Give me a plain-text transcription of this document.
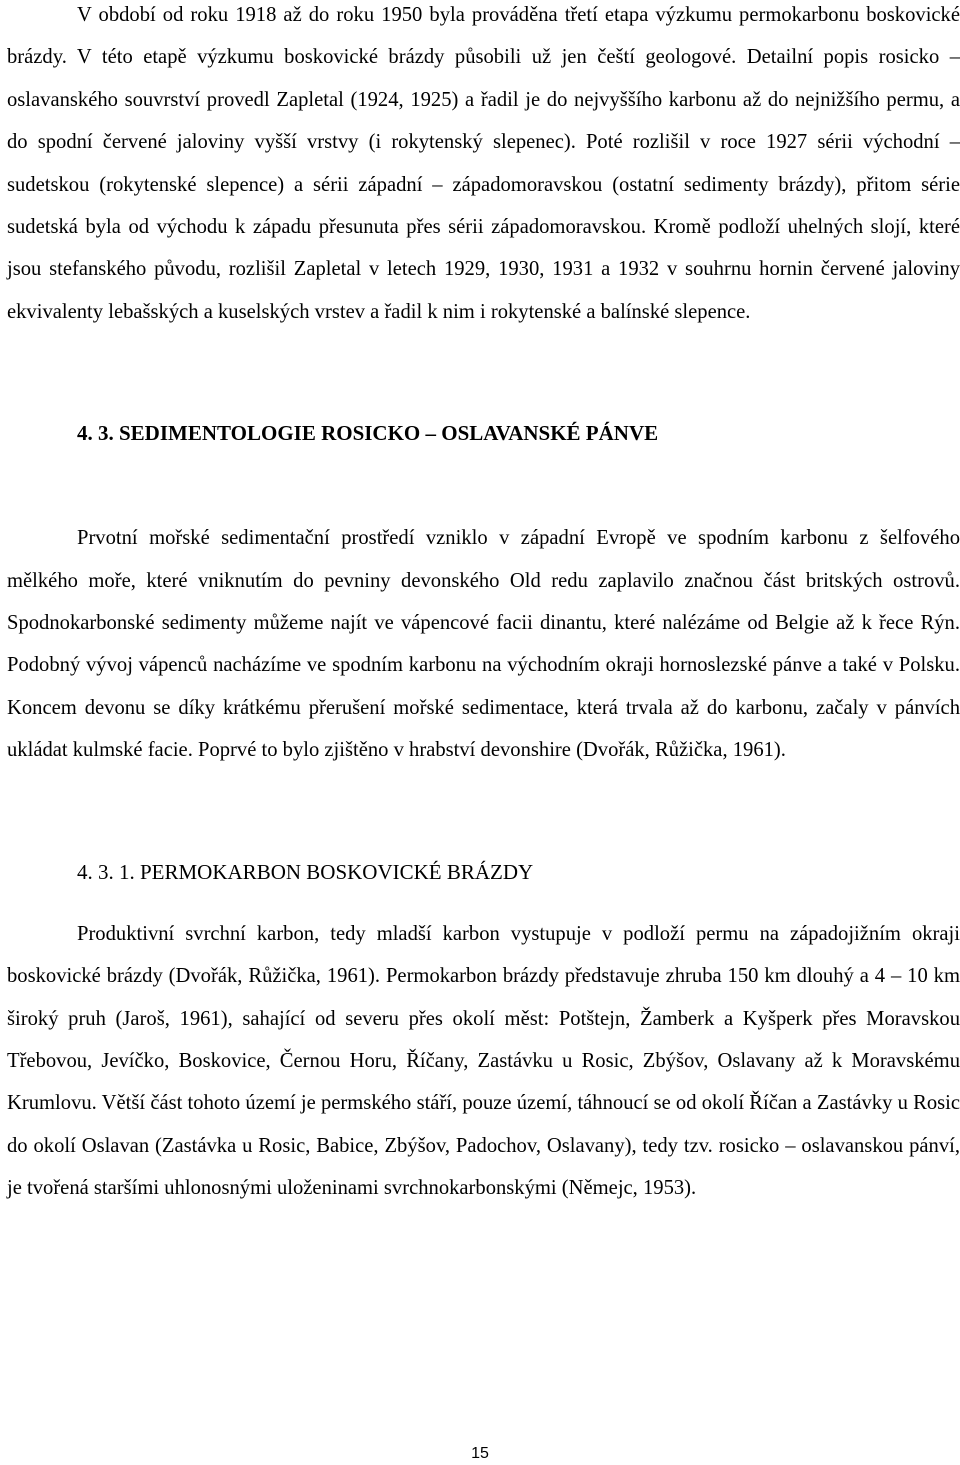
V období od roku 1918 až do roku 1950 byla prováděna třetí etapa výzkumu permokarbonu boskovické brázdy. V této etapě výzkumu boskovické brázdy působili už jen čeští geologové. Detailní popis rosicko – oslavanského souvrství provedl Zapletal (1924, 1925) a řadil je do nejvyššího karbonu až do nejnižšího permu, a do spodní červené jaloviny vyšší vrstvy (i rokytenský slepenec). Poté rozlišil v roce 1927 sérii východní – sudetskou (rokytenské slepence) a sérii západní – západomoravskou (ostatní sedimenty brázdy), přitom série sudetská byla od východu k západu přesunuta přes sérii západomoravskou. Kromě podloží uhelných slojí, které jsou stefanského původu, rozlišil Zapletal v letech 1929, 1930, 1931 a 1932 v souhrnu hornin červené jaloviny ekvivalenty lebašských a kuselských vrstev a řadil k nim i rokytenské a balínské slepence.

4. 3. SEDIMENTOLOGIE ROSICKO – OSLAVANSKÉ PÁNVE

Prvotní mořské sedimentační prostředí vzniklo v západní Evropě ve spodním karbonu z šelfového mělkého moře, které vniknutím do pevniny devonského Old redu zaplavilo značnou část britských ostrovů. Spodnokarbonské sedimenty můžeme najít ve vápencové facii dinantu, které nalézáme od Belgie až k řece Rýn. Podobný vývoj vápenců nacházíme ve spodním karbonu na východním okraji hornoslezské pánve a také v Polsku. Koncem devonu se díky krátkému přerušení mořské sedimentace, která trvala až do karbonu, začaly v pánvích ukládat kulmské facie. Poprvé to bylo zjištěno v hrabství devonshire (Dvořák, Růžička, 1961).

4. 3. 1. PERMOKARBON BOSKOVICKÉ BRÁZDY

Produktivní svrchní karbon, tedy mladší karbon vystupuje v podloží permu na západojižním okraji boskovické brázdy (Dvořák, Růžička, 1961). Permokarbon brázdy představuje zhruba 150 km dlouhý a 4 – 10 km široký pruh (Jaroš, 1961), sahající od severu přes okolí měst: Potštejn, Žamberk a Kyšperk přes Moravskou Třebovou, Jevíčko, Boskovice, Černou Horu, Říčany, Zastávku u Rosic, Zbýšov, Oslavany až k Moravskému Krumlovu. Větší část tohoto území je permského stáří, pouze území, táhnoucí se od okolí Říčan a Zastávky u Rosic do okolí Oslavan (Zastávka u Rosic, Babice, Zbýšov, Padochov, Oslavany), tedy tzv. rosicko – oslavanskou pánví, je tvořená staršími uhlonosnými uloženinami svrchnokarbonskými (Němejc, 1953).

15
